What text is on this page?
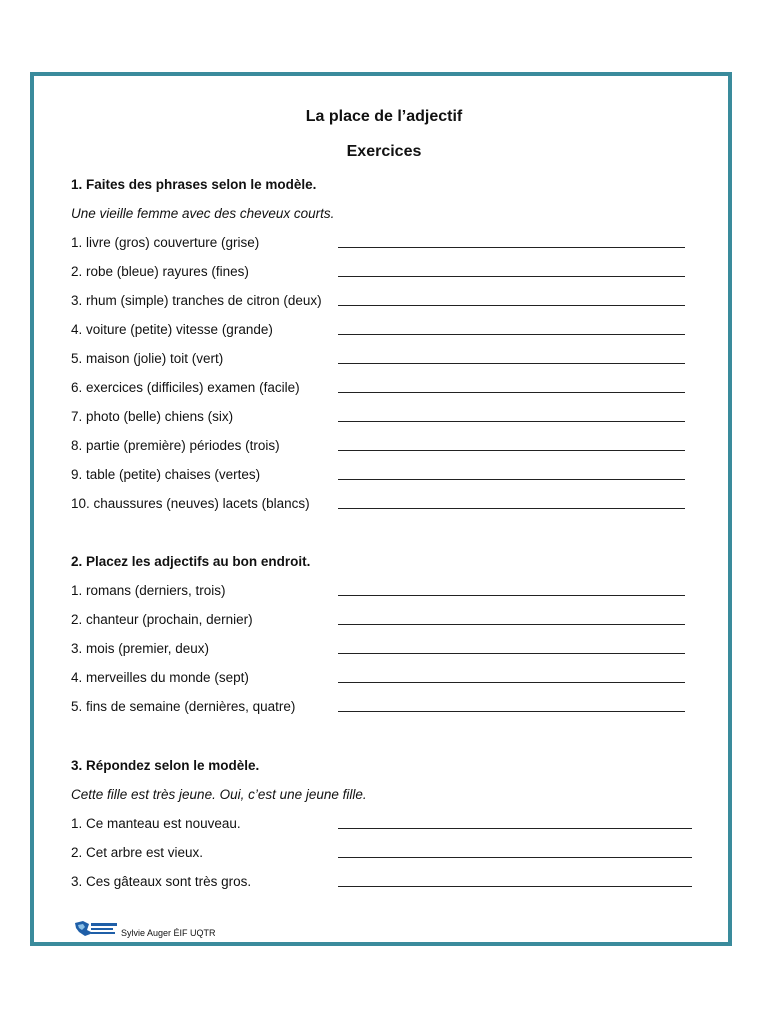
La place de l’adjectif
Exercices
1. Faites des phrases selon le modèle.
Une vieille femme avec des cheveux courts.
1. livre (gros) couverture (grise)
2. robe (bleue) rayures (fines)
3. rhum (simple) tranches de citron (deux)
4. voiture (petite) vitesse (grande)
5. maison (jolie) toit (vert)
6. exercices (difficiles) examen (facile)
7. photo (belle) chiens (six)
8. partie (première) périodes (trois)
9. table (petite) chaises (vertes)
10. chaussures (neuves) lacets (blancs)
2. Placez les adjectifs au bon endroit.
1. romans (derniers, trois)
2. chanteur (prochain, dernier)
3. mois (premier, deux)
4. merveilles du monde (sept)
5. fins de semaine (dernières, quatre)
3. Répondez selon le modèle.
Cette fille est très jeune. Oui, c’est une jeune fille.
1. Ce manteau est nouveau.
2. Cet arbre est vieux.
3. Ces gâteaux sont très gros.
Sylvie Auger ÉIF UQTR
